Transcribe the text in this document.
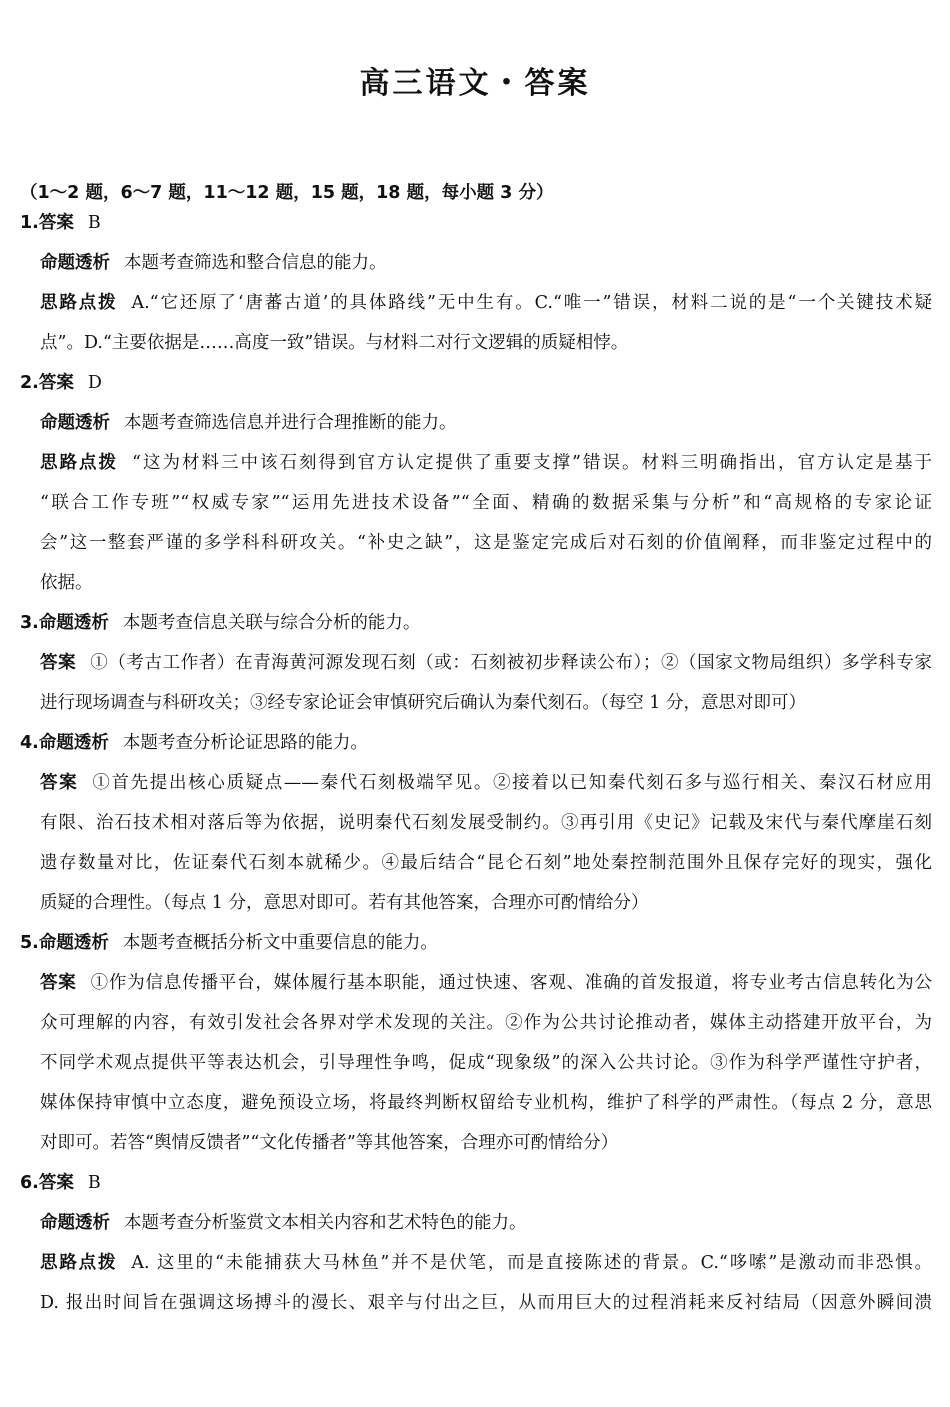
高三语文・答案
（1～2 题，6～7 题，11～12 题，15 题，18 题，每小题 3 分）
1.答案 B
命题透析 本题考查筛选和整合信息的能力。
思路点拨 A.“它还原了‘唐蕃古道’的具体路线”无中生有。C.“唯一”错误，材料二说的是“一个关键技术疑
点”。D.“主要依据是……高度一致”错误。与材料二对行文逻辑的质疑相悖。
2.答案 D
命题透析 本题考查筛选信息并进行合理推断的能力。
思路点拨 “这为材料三中该石刻得到官方认定提供了重要支撑”错误。材料三明确指出，官方认定是基于
“联合工作专班”“权威专家”“运用先进技术设备”“全面、精确的数据采集与分析”和“高规格的专家论证
会”这一整套严谨的多学科科研攻关。“补史之缺”，这是鉴定完成后对石刻的价值阐释，而非鉴定过程中的
依据。
3.命题透析 本题考查信息关联与综合分析的能力。
答案 ①（考古工作者）在青海黄河源发现石刻（或：石刻被初步释读公布）；②（国家文物局组织）多学科专家
进行现场调查与科研攻关；③经专家论证会审慎研究后确认为秦代刻石。（每空 1 分，意思对即可）
4.命题透析 本题考查分析论证思路的能力。
答案 ①首先提出核心质疑点——秦代石刻极端罕见。②接着以已知秦代刻石多与巡行相关、秦汉石材应用
有限、治石技术相对落后等为依据，说明秦代石刻发展受制约。③再引用《史记》记载及宋代与秦代摩崖石刻
遗存数量对比，佐证秦代石刻本就稀少。④最后结合“昆仑石刻”地处秦控制范围外且保存完好的现实，强化
质疑的合理性。（每点 1 分，意思对即可。若有其他答案，合理亦可酌情给分）
5.命题透析 本题考查概括分析文中重要信息的能力。
答案 ①作为信息传播平台，媒体履行基本职能，通过快速、客观、准确的首发报道，将专业考古信息转化为公
众可理解的内容，有效引发社会各界对学术发现的关注。②作为公共讨论推动者，媒体主动搭建开放平台，为
不同学术观点提供平等表达机会，引导理性争鸣，促成“现象级”的深入公共讨论。③作为科学严谨性守护者，
媒体保持审慎中立态度，避免预设立场，将最终判断权留给专业机构，维护了科学的严肃性。（每点 2 分，意思
对即可。若答“舆情反馈者”“文化传播者”等其他答案，合理亦可酌情给分）
6.答案 B
命题透析 本题考查分析鉴赏文本相关内容和艺术特色的能力。
思路点拨 A. 这里的“未能捕获大马林鱼”并不是伏笔，而是直接陈述的背景。C.“哆嗦”是激动而非恐惧。
D. 报出时间旨在强调这场搏斗的漫长、艰辛与付出之巨，从而用巨大的过程消耗来反衬结局（因意外瞬间溃
